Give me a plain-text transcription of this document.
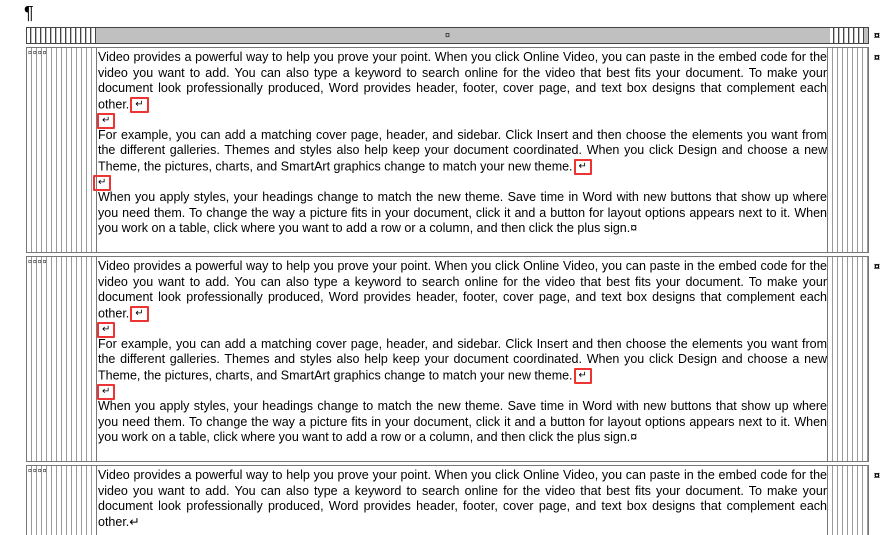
¶
¤	¤
¤¤¤¤	Video provides a powerful way to help you prove your point. When you click Online Video, you can paste in the embed code for the video you want to add. You can also type a keyword to search online for the video that best fits your document. To make your document look professionally produced, Word provides header, footer, cover page, and text box designs that complement each other. ↵

↵

For example, you can add a matching cover page, header, and sidebar. Click Insert and then choose the elements you want from the different galleries. Themes and styles also help keep your document coordinated. When you click Design and choose a new Theme, the pictures, charts, and SmartArt graphics change to match your new theme. ↵

↵

When you apply styles, your headings change to match the new theme. Save time in Word with new buttons that show up where you need them. To change the way a picture fits in your document, click it and a button for layout options appears next to it. When you work on a table, click where you want to add a row or a column, and then click the plus sign.¤

¤
¤¤¤¤	Video provides a powerful way to help you prove your point. When you click Online Video, you can paste in the embed code for the video you want to add. You can also type a keyword to search online for the video that best fits your document. To make your document look professionally produced, Word provides header, footer, cover page, and text box designs that complement each other. ↵

↵

For example, you can add a matching cover page, header, and sidebar. Click Insert and then choose the elements you want from the different galleries. Themes and styles also help keep your document coordinated. When you click Design and choose a new Theme, the pictures, charts, and SmartArt graphics change to match your new theme. ↵

↵

When you apply styles, your headings change to match the new theme. Save time in Word with new buttons that show up where you need them. To change the way a picture fits in your document, click it and a button for layout options appears next to it. When you work on a table, click where you want to add a row or a column, and then click the plus sign.¤

¤
¤¤¤¤	Video provides a powerful way to help you prove your point. When you click Online Video, you can paste in the embed code for the video you want to add. You can also type a keyword to search online for the video that best fits your document. To make your document look professionally produced, Word provides header, footer, cover page, and text box designs that complement each other.↵

¤
